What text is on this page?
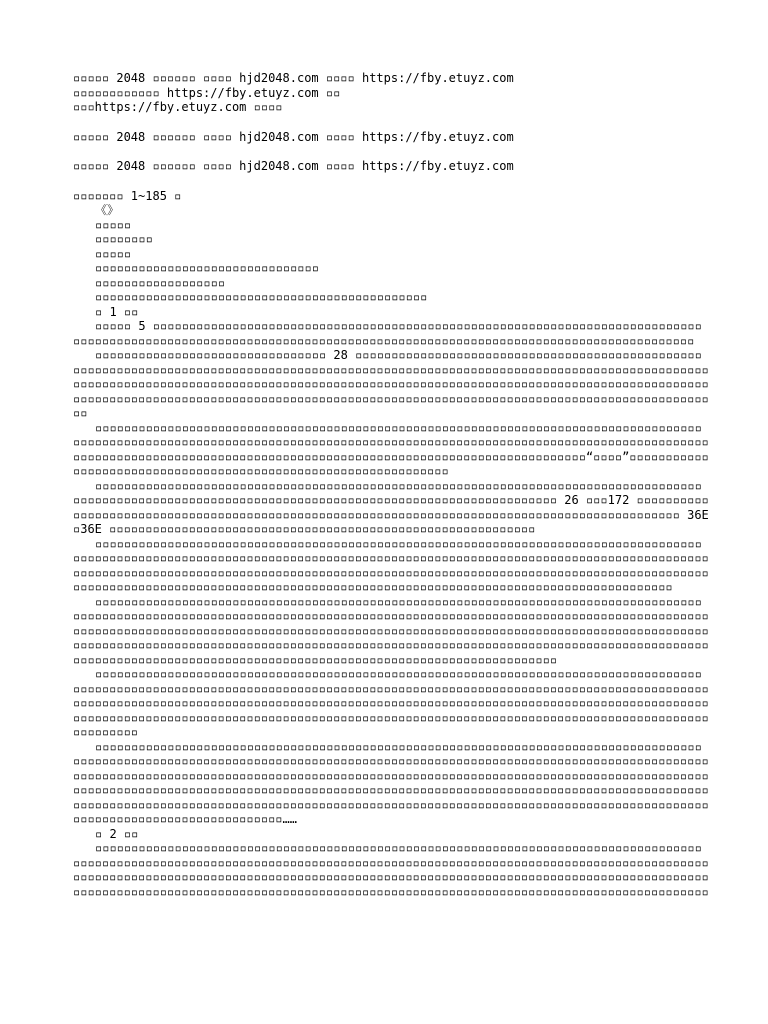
▫▫▫▫▫ 2048 ▫▫▫▫▫▫ ▫▫▫▫ hjd2048.com ▫▫▫▫ https://fby.etuyz.com

▫▫▫▫▫▫▫▫▫▫▫▫ https://fby.etuyz.com ▫▫

▫▫▫https://fby.etuyz.com ▫▫▫▫

▫▫▫▫▫ 2048 ▫▫▫▫▫▫ ▫▫▫▫ hjd2048.com ▫▫▫▫ https://fby.etuyz.com

▫▫▫▫▫ 2048 ▫▫▫▫▫▫ ▫▫▫▫ hjd2048.com ▫▫▫▫ https://fby.etuyz.com

▫▫▫▫▫▫▫ 1~185 ▫

《》

▫▫▫▫▫

▫▫▫▫▫▫▫▫

▫▫▫▫▫

▫▫▫▫▫▫▫▫▫▫▫▫▫▫▫▫▫▫▫▫▫▫▫▫▫▫▫▫▫▫▫

▫▫▫▫▫▫▫▫▫▫▫▫▫▫▫▫▫▫

▫▫▫▫▫▫▫▫▫▫▫▫▫▫▫▫▫▫▫▫▫▫▫▫▫▫▫▫▫▫▫▫▫▫▫▫▫▫▫▫▫▫▫▫▫▫

▫ 1 ▫▫

▫▫▫▫▫ 5 ▫▫▫▫▫▫▫▫▫▫▫▫▫▫▫▫▫▫▫▫▫▫▫▫▫▫▫▫▫▫▫▫▫▫▫▫▫▫▫▫▫▫▫▫▫▫▫▫▫▫▫▫▫▫▫▫▫▫▫▫▫▫▫▫▫▫▫▫▫▫▫▫▫▫▫▫▫▫▫▫▫▫▫▫▫▫▫▫▫▫▫▫▫▫▫▫▫▫▫▫▫▫▫▫▫▫▫▫▫▫▫▫▫▫▫▫▫▫▫▫▫▫▫▫▫▫▫▫▫▫▫▫▫▫▫▫▫▫▫▫▫▫▫▫▫▫▫▫▫▫▫▫▫▫▫▫▫▫▫▫▫▫

▫▫▫▫▫▫▫▫▫▫▫▫▫▫▫▫▫▫▫▫▫▫▫▫▫▫▫▫▫▫▫▫ 28 ▫▫▫▫▫▫▫▫▫▫▫▫▫▫▫▫▫▫▫▫▫▫▫▫▫▫▫▫▫▫▫▫▫▫▫▫▫▫▫▫▫▫▫▫▫▫▫▫▫▫▫▫▫▫▫▫▫▫▫▫▫▫▫▫▫▫▫▫▫▫▫▫▫▫▫▫▫▫▫▫▫▫▫▫▫▫▫▫▫▫▫▫▫▫▫▫▫▫▫▫▫▫▫▫▫▫▫▫▫▫▫▫▫▫▫▫▫▫▫▫▫▫▫▫▫▫▫▫▫▫▫▫▫▫▫▫▫▫▫▫▫▫▫▫▫▫▫▫▫▫▫▫▫▫▫▫▫▫▫▫▫▫▫▫▫▫▫▫▫▫▫▫▫▫▫▫▫▫▫▫▫▫▫▫▫▫▫▫▫▫▫▫▫▫▫▫▫▫▫▫▫▫▫▫▫▫▫▫▫▫▫▫▫▫▫▫▫▫▫▫▫▫▫▫▫▫▫▫▫▫▫▫▫▫▫▫▫▫▫▫▫▫▫▫▫▫▫▫▫▫▫▫▫▫▫▫▫▫▫▫▫▫▫▫▫▫▫▫▫▫▫▫▫▫▫▫▫▫▫▫▫▫▫▫▫▫▫▫▫▫▫▫▫▫▫▫▫▫▫▫▫▫▫▫▫▫▫▫▫▫▫▫▫▫

▫▫▫▫▫▫▫▫▫▫▫▫▫▫▫▫▫▫▫▫▫▫▫▫▫▫▫▫▫▫▫▫▫▫▫▫▫▫▫▫▫▫▫▫▫▫▫▫▫▫▫▫▫▫▫▫▫▫▫▫▫▫▫▫▫▫▫▫▫▫▫▫▫▫▫▫▫▫▫▫▫▫▫▫▫▫▫▫▫▫▫▫▫▫▫▫▫▫▫▫▫▫▫▫▫▫▫▫▫▫▫▫▫▫▫▫▫▫▫▫▫▫▫▫▫▫▫▫▫▫▫▫▫▫▫▫▫▫▫▫▫▫▫▫▫▫▫▫▫▫▫▫▫▫▫▫▫▫▫▫▫▫▫▫▫▫▫▫▫▫▫▫▫▫▫▫▫▫▫▫▫▫▫▫▫▫▫▫▫▫▫▫▫▫▫▫▫▫▫▫▫▫▫▫▫▫▫▫▫▫▫▫▫▫▫▫▫▫▫▫▫▫▫▫▫▫▫▫▫▫▫▫▫▫▫▫▫▫▫▫▫▫▫“▫▫▫▫”▫▫▫▫▫▫▫▫▫▫▫▫▫▫▫▫▫▫▫▫▫▫▫▫▫▫▫▫▫▫▫▫▫▫▫▫▫▫▫▫▫▫▫▫▫▫▫▫▫▫▫▫▫▫▫▫▫▫▫▫▫▫▫

▫▫▫▫▫▫▫▫▫▫▫▫▫▫▫▫▫▫▫▫▫▫▫▫▫▫▫▫▫▫▫▫▫▫▫▫▫▫▫▫▫▫▫▫▫▫▫▫▫▫▫▫▫▫▫▫▫▫▫▫▫▫▫▫▫▫▫▫▫▫▫▫▫▫▫▫▫▫▫▫▫▫▫▫▫▫▫▫▫▫▫▫▫▫▫▫▫▫▫▫▫▫▫▫▫▫▫▫▫▫▫▫▫▫▫▫▫▫▫▫▫▫▫▫▫▫▫▫▫▫▫▫▫▫▫▫▫▫▫▫▫▫▫▫▫▫▫▫▫▫▫ 26 ▫▫▫172 ▫▫▫▫▫▫▫▫▫▫▫▫▫▫▫▫▫▫▫▫▫▫▫▫▫▫▫▫▫▫▫▫▫▫▫▫▫▫▫▫▫▫▫▫▫▫▫▫▫▫▫▫▫▫▫▫▫▫▫▫▫▫▫▫▫▫▫▫▫▫▫▫▫▫▫▫▫▫▫▫▫▫▫▫▫▫▫▫▫▫▫▫▫▫ 36E▫36E ▫▫▫▫▫▫▫▫▫▫▫▫▫▫▫▫▫▫▫▫▫▫▫▫▫▫▫▫▫▫▫▫▫▫▫▫▫▫▫▫▫▫▫▫▫▫▫▫▫▫▫▫▫▫▫▫▫▫▫

▫▫▫▫▫▫▫▫▫▫▫▫▫▫▫▫▫▫▫▫▫▫▫▫▫▫▫▫▫▫▫▫▫▫▫▫▫▫▫▫▫▫▫▫▫▫▫▫▫▫▫▫▫▫▫▫▫▫▫▫▫▫▫▫▫▫▫▫▫▫▫▫▫▫▫▫▫▫▫▫▫▫▫▫▫▫▫▫▫▫▫▫▫▫▫▫▫▫▫▫▫▫▫▫▫▫▫▫▫▫▫▫▫▫▫▫▫▫▫▫▫▫▫▫▫▫▫▫▫▫▫▫▫▫▫▫▫▫▫▫▫▫▫▫▫▫▫▫▫▫▫▫▫▫▫▫▫▫▫▫▫▫▫▫▫▫▫▫▫▫▫▫▫▫▫▫▫▫▫▫▫▫▫▫▫▫▫▫▫▫▫▫▫▫▫▫▫▫▫▫▫▫▫▫▫▫▫▫▫▫▫▫▫▫▫▫▫▫▫▫▫▫▫▫▫▫▫▫▫▫▫▫▫▫▫▫▫▫▫▫▫▫▫▫▫▫▫▫▫▫▫▫▫▫▫▫▫▫▫▫▫▫▫▫▫▫▫▫▫▫▫▫▫▫▫▫▫▫▫▫▫▫▫▫▫▫▫▫▫▫▫▫▫▫▫▫▫▫▫▫▫▫▫▫▫▫▫▫▫▫▫▫▫▫▫▫▫▫▫▫▫▫▫▫▫▫▫▫▫▫▫▫▫▫▫▫▫▫▫▫▫▫▫

▫▫▫▫▫▫▫▫▫▫▫▫▫▫▫▫▫▫▫▫▫▫▫▫▫▫▫▫▫▫▫▫▫▫▫▫▫▫▫▫▫▫▫▫▫▫▫▫▫▫▫▫▫▫▫▫▫▫▫▫▫▫▫▫▫▫▫▫▫▫▫▫▫▫▫▫▫▫▫▫▫▫▫▫▫▫▫▫▫▫▫▫▫▫▫▫▫▫▫▫▫▫▫▫▫▫▫▫▫▫▫▫▫▫▫▫▫▫▫▫▫▫▫▫▫▫▫▫▫▫▫▫▫▫▫▫▫▫▫▫▫▫▫▫▫▫▫▫▫▫▫▫▫▫▫▫▫▫▫▫▫▫▫▫▫▫▫▫▫▫▫▫▫▫▫▫▫▫▫▫▫▫▫▫▫▫▫▫▫▫▫▫▫▫▫▫▫▫▫▫▫▫▫▫▫▫▫▫▫▫▫▫▫▫▫▫▫▫▫▫▫▫▫▫▫▫▫▫▫▫▫▫▫▫▫▫▫▫▫▫▫▫▫▫▫▫▫▫▫▫▫▫▫▫▫▫▫▫▫▫▫▫▫▫▫▫▫▫▫▫▫▫▫▫▫▫▫▫▫▫▫▫▫▫▫▫▫▫▫▫▫▫▫▫▫▫▫▫▫▫▫▫▫▫▫▫▫▫▫▫▫▫▫▫▫▫▫▫▫▫▫▫▫▫▫▫▫▫▫▫▫▫▫▫▫▫▫▫▫▫▫▫▫▫▫▫▫▫▫▫▫▫▫▫▫▫▫▫▫▫▫▫▫▫▫▫▫▫▫▫▫▫▫▫▫▫▫▫▫▫▫▫▫▫▫▫▫▫▫▫▫▫▫▫▫▫▫▫▫▫▫▫▫▫▫▫▫▫▫▫▫▫▫▫▫

▫▫▫▫▫▫▫▫▫▫▫▫▫▫▫▫▫▫▫▫▫▫▫▫▫▫▫▫▫▫▫▫▫▫▫▫▫▫▫▫▫▫▫▫▫▫▫▫▫▫▫▫▫▫▫▫▫▫▫▫▫▫▫▫▫▫▫▫▫▫▫▫▫▫▫▫▫▫▫▫▫▫▫▫▫▫▫▫▫▫▫▫▫▫▫▫▫▫▫▫▫▫▫▫▫▫▫▫▫▫▫▫▫▫▫▫▫▫▫▫▫▫▫▫▫▫▫▫▫▫▫▫▫▫▫▫▫▫▫▫▫▫▫▫▫▫▫▫▫▫▫▫▫▫▫▫▫▫▫▫▫▫▫▫▫▫▫▫▫▫▫▫▫▫▫▫▫▫▫▫▫▫▫▫▫▫▫▫▫▫▫▫▫▫▫▫▫▫▫▫▫▫▫▫▫▫▫▫▫▫▫▫▫▫▫▫▫▫▫▫▫▫▫▫▫▫▫▫▫▫▫▫▫▫▫▫▫▫▫▫▫▫▫▫▫▫▫▫▫▫▫▫▫▫▫▫▫▫▫▫▫▫▫▫▫▫▫▫▫▫▫▫▫▫▫▫▫▫▫▫▫▫▫▫▫▫▫▫▫▫▫▫▫▫▫▫▫▫▫▫▫▫▫▫▫▫▫▫▫▫▫▫▫▫▫▫▫▫▫▫▫▫▫▫▫▫▫▫▫▫▫▫▫▫▫▫▫▫▫▫▫▫▫▫▫▫▫▫▫▫▫▫▫▫▫▫▫

▫▫▫▫▫▫▫▫▫▫▫▫▫▫▫▫▫▫▫▫▫▫▫▫▫▫▫▫▫▫▫▫▫▫▫▫▫▫▫▫▫▫▫▫▫▫▫▫▫▫▫▫▫▫▫▫▫▫▫▫▫▫▫▫▫▫▫▫▫▫▫▫▫▫▫▫▫▫▫▫▫▫▫▫▫▫▫▫▫▫▫▫▫▫▫▫▫▫▫▫▫▫▫▫▫▫▫▫▫▫▫▫▫▫▫▫▫▫▫▫▫▫▫▫▫▫▫▫▫▫▫▫▫▫▫▫▫▫▫▫▫▫▫▫▫▫▫▫▫▫▫▫▫▫▫▫▫▫▫▫▫▫▫▫▫▫▫▫▫▫▫▫▫▫▫▫▫▫▫▫▫▫▫▫▫▫▫▫▫▫▫▫▫▫▫▫▫▫▫▫▫▫▫▫▫▫▫▫▫▫▫▫▫▫▫▫▫▫▫▫▫▫▫▫▫▫▫▫▫▫▫▫▫▫▫▫▫▫▫▫▫▫▫▫▫▫▫▫▫▫▫▫▫▫▫▫▫▫▫▫▫▫▫▫▫▫▫▫▫▫▫▫▫▫▫▫▫▫▫▫▫▫▫▫▫▫▫▫▫▫▫▫▫▫▫▫▫▫▫▫▫▫▫▫▫▫▫▫▫▫▫▫▫▫▫▫▫▫▫▫▫▫▫▫▫▫▫▫▫▫▫▫▫▫▫▫▫▫▫▫▫▫▫▫▫▫▫▫▫▫▫▫▫▫▫▫▫▫▫▫▫▫▫▫▫▫▫▫▫▫▫▫▫▫▫▫▫▫▫▫▫▫▫▫▫▫▫▫▫▫▫▫▫▫▫▫▫▫▫▫▫▫▫▫▫▫▫▫▫▫▫▫▫▫▫▫▫▫▫▫▫▫▫▫▫▫▫▫▫▫▫▫▫▫▫▫▫▫▫▫▫▫▫▫▫▫▫▫▫▫▫▫▫▫▫▫▫▫▫▫▫▫▫▫▫……

▫ 2 ▫▫

▫▫▫▫▫▫▫▫▫▫▫▫▫▫▫▫▫▫▫▫▫▫▫▫▫▫▫▫▫▫▫▫▫▫▫▫▫▫▫▫▫▫▫▫▫▫▫▫▫▫▫▫▫▫▫▫▫▫▫▫▫▫▫▫▫▫▫▫▫▫▫▫▫▫▫▫▫▫▫▫▫▫▫▫▫▫▫▫▫▫▫▫▫▫▫▫▫▫▫▫▫▫▫▫▫▫▫▫▫▫▫▫▫▫▫▫▫▫▫▫▫▫▫▫▫▫▫▫▫▫▫▫▫▫▫▫▫▫▫▫▫▫▫▫▫▫▫▫▫▫▫▫▫▫▫▫▫▫▫▫▫▫▫▫▫▫▫▫▫▫▫▫▫▫▫▫▫▫▫▫▫▫▫▫▫▫▫▫▫▫▫▫▫▫▫▫▫▫▫▫▫▫▫▫▫▫▫▫▫▫▫▫▫▫▫▫▫▫▫▫▫▫▫▫▫▫▫▫▫▫▫▫▫▫▫▫▫▫▫▫▫▫▫▫▫▫▫▫▫▫▫▫▫▫▫▫▫▫▫▫▫▫▫▫▫▫▫▫▫▫▫▫▫▫▫▫▫▫▫▫▫▫▫▫▫▫▫▫▫▫▫▫▫▫▫▫▫▫▫▫▫▫▫▫▫▫▫▫▫▫▫▫▫▫▫▫▫▫▫▫▫▫▫▫▫▫▫▫▫▫▫▫▫▫▫▫▫▫▫▫▫▫▫▫▫▫▫▫
